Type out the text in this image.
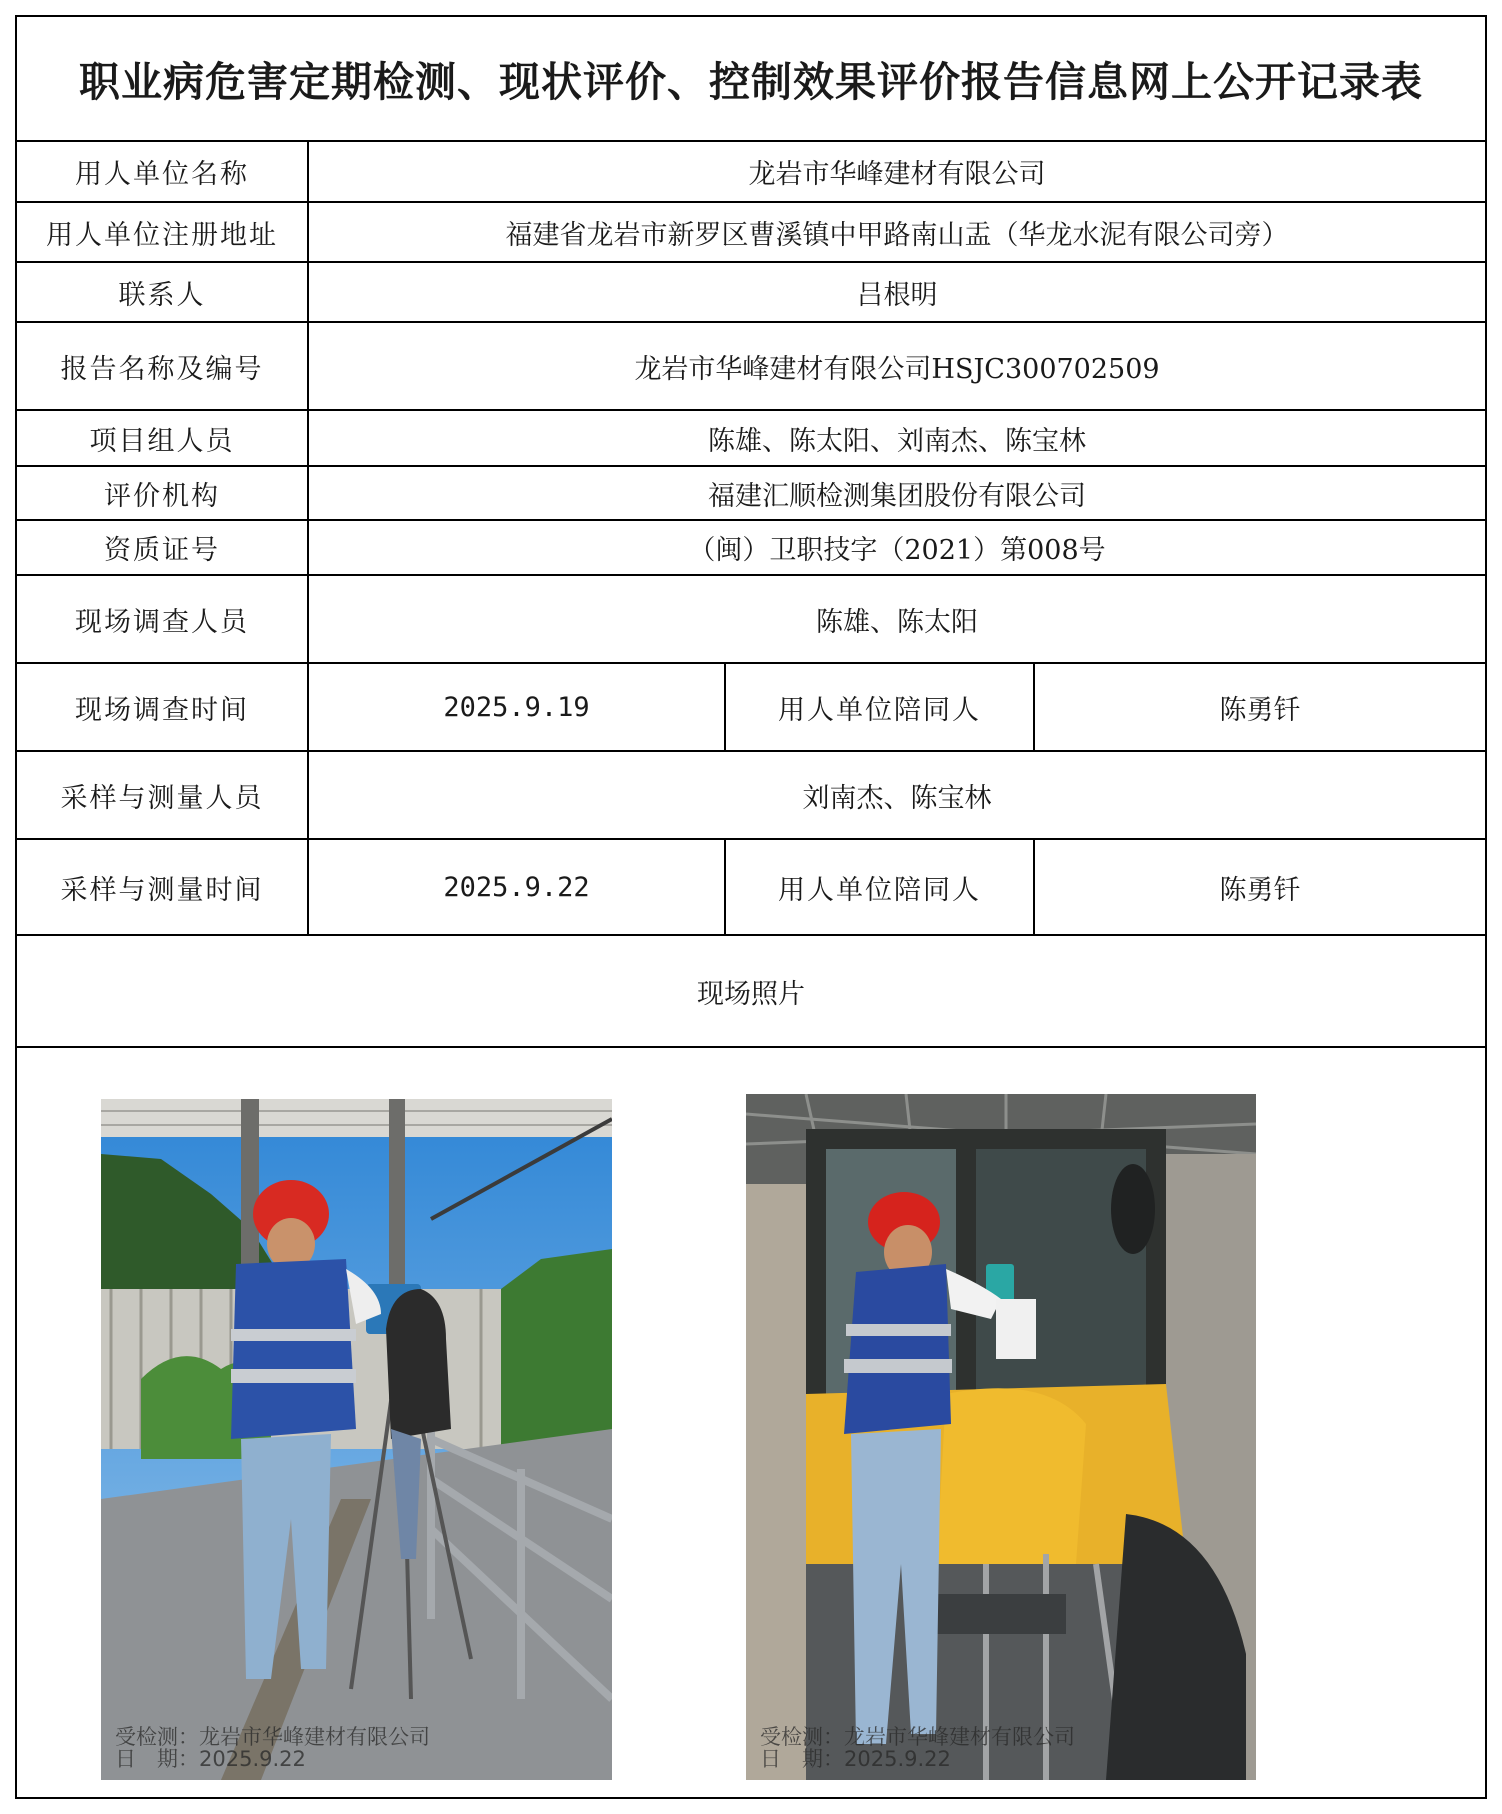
职业病危害定期检测、现状评价、控制效果评价报告信息网上公开记录表
用人单位名称	龙岩市华峰建材有限公司		
用人单位注册地址	福建省龙岩市新罗区曹溪镇中甲路南山盂（华龙水泥有限公司旁）		
联系人	吕根明		
报告名称及编号	龙岩市华峰建材有限公司HSJC300702509		
项目组人员	陈雄、陈太阳、刘南杰、陈宝林		
评价机构	福建汇顺检测集团股份有限公司		
资质证号	（闽）卫职技字（2021）第008号		
现场调查人员	陈雄、陈太阳		
现场调查时间	2025.9.19	用人单位陪同人	陈勇钎
采样与测量人员	刘南杰、陈宝林		
采样与测量时间	2025.9.22	用人单位陪同人	陈勇钎
现场照片			
受检测：龙岩市华峰建材有限公司
日　期：2025.9.22
受检测：龙岩市华峰建材有限公司
日　期：2025.9.22
